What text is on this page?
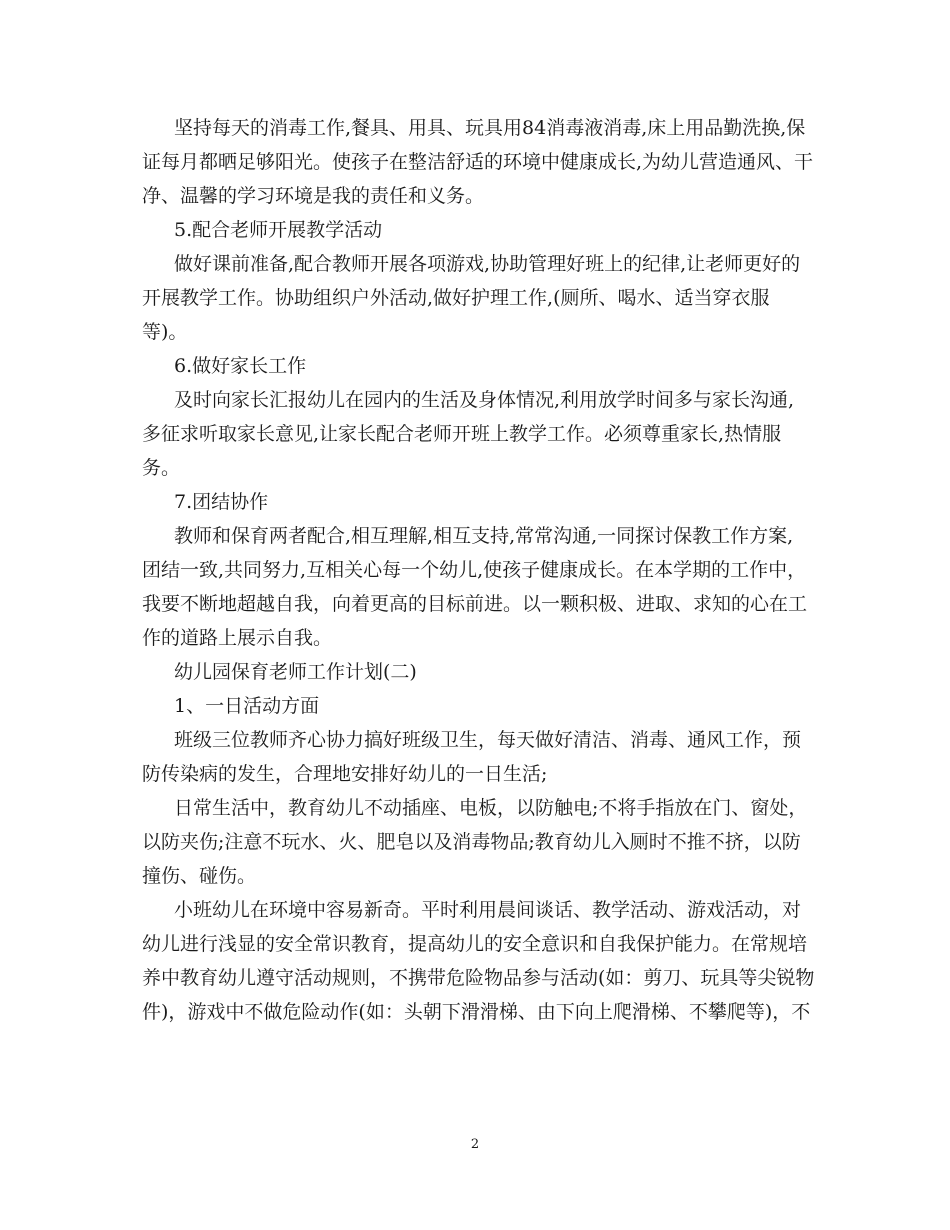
坚持每天的消毒工作,餐具、用具、玩具用84消毒液消毒,床上用品勤洗换,保
证每月都晒足够阳光。使孩子在整洁舒适的环境中健康成长,为幼儿营造通风、干
净、温馨的学习环境是我的责任和义务。
5.配合老师开展教学活动
做好课前准备,配合教师开展各项游戏,协助管理好班上的纪律,让老师更好的
开展教学工作。协助组织户外活动,做好护理工作,(厕所、喝水、适当穿衣服
等)。
6.做好家长工作
及时向家长汇报幼儿在园内的生活及身体情况,利用放学时间多与家长沟通,
多征求听取家长意见,让家长配合老师开班上教学工作。必须尊重家长,热情服
务。
7.团结协作
教师和保育两者配合,相互理解,相互支持,常常沟通,一同探讨保教工作方案,
团结一致,共同努力,互相关心每一个幼儿,使孩子健康成长。在本学期的工作中，
我要不断地超越自我，向着更高的目标前进。以一颗积极、进取、求知的心在工
作的道路上展示自我。
幼儿园保育老师工作计划(二)
1、一日活动方面
班级三位教师齐心协力搞好班级卫生，每天做好清洁、消毒、通风工作，预
防传染病的发生，合理地安排好幼儿的一日生活;
日常生活中，教育幼儿不动插座、电板，以防触电;不将手指放在门、窗处，
以防夹伤;注意不玩水、火、肥皂以及消毒物品;教育幼儿入厕时不推不挤，以防
撞伤、碰伤。
小班幼儿在环境中容易新奇。平时利用晨间谈话、教学活动、游戏活动，对
幼儿进行浅显的安全常识教育，提高幼儿的安全意识和自我保护能力。在常规培
养中教育幼儿遵守活动规则，不携带危险物品参与活动(如：剪刀、玩具等尖锐物
件)，游戏中不做危险动作(如：头朝下滑滑梯、由下向上爬滑梯、不攀爬等)，不
2
